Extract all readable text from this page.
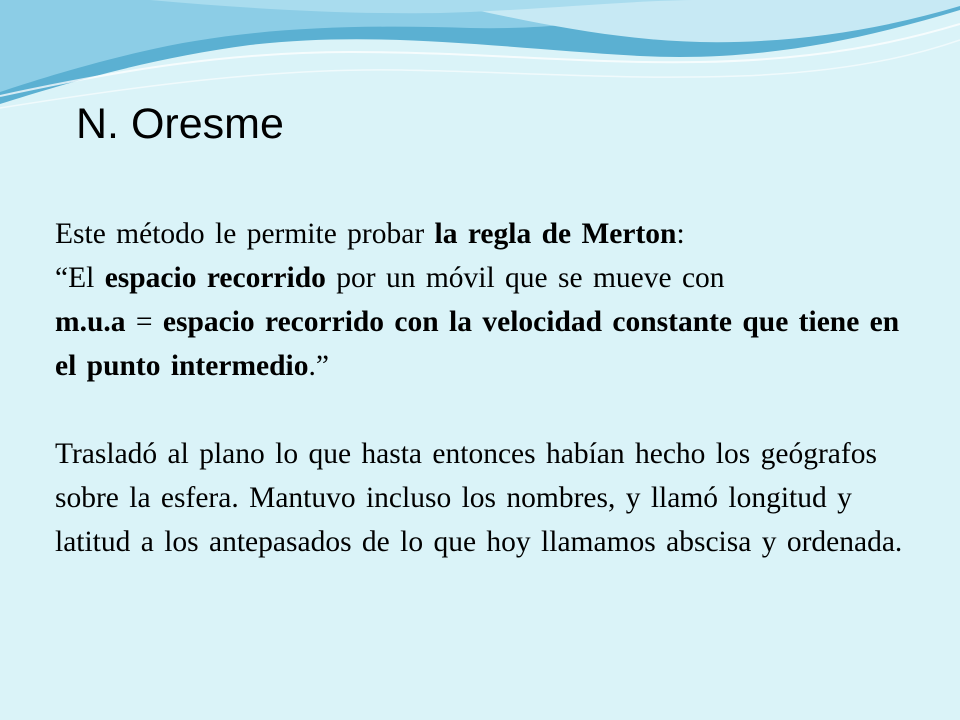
N. Oresme

Este método le permite probar la regla de Merton:
“El espacio recorrido por un móvil que se mueve con
m.u.a = espacio recorrido con la velocidad constante que tiene en el punto intermedio.”

Trasladó al plano lo que hasta entonces habían hecho los geógrafos sobre la esfera. Mantuvo incluso los nombres, y llamó longitud y latitud a los antepasados de lo que hoy llamamos abscisa y ordenada.
